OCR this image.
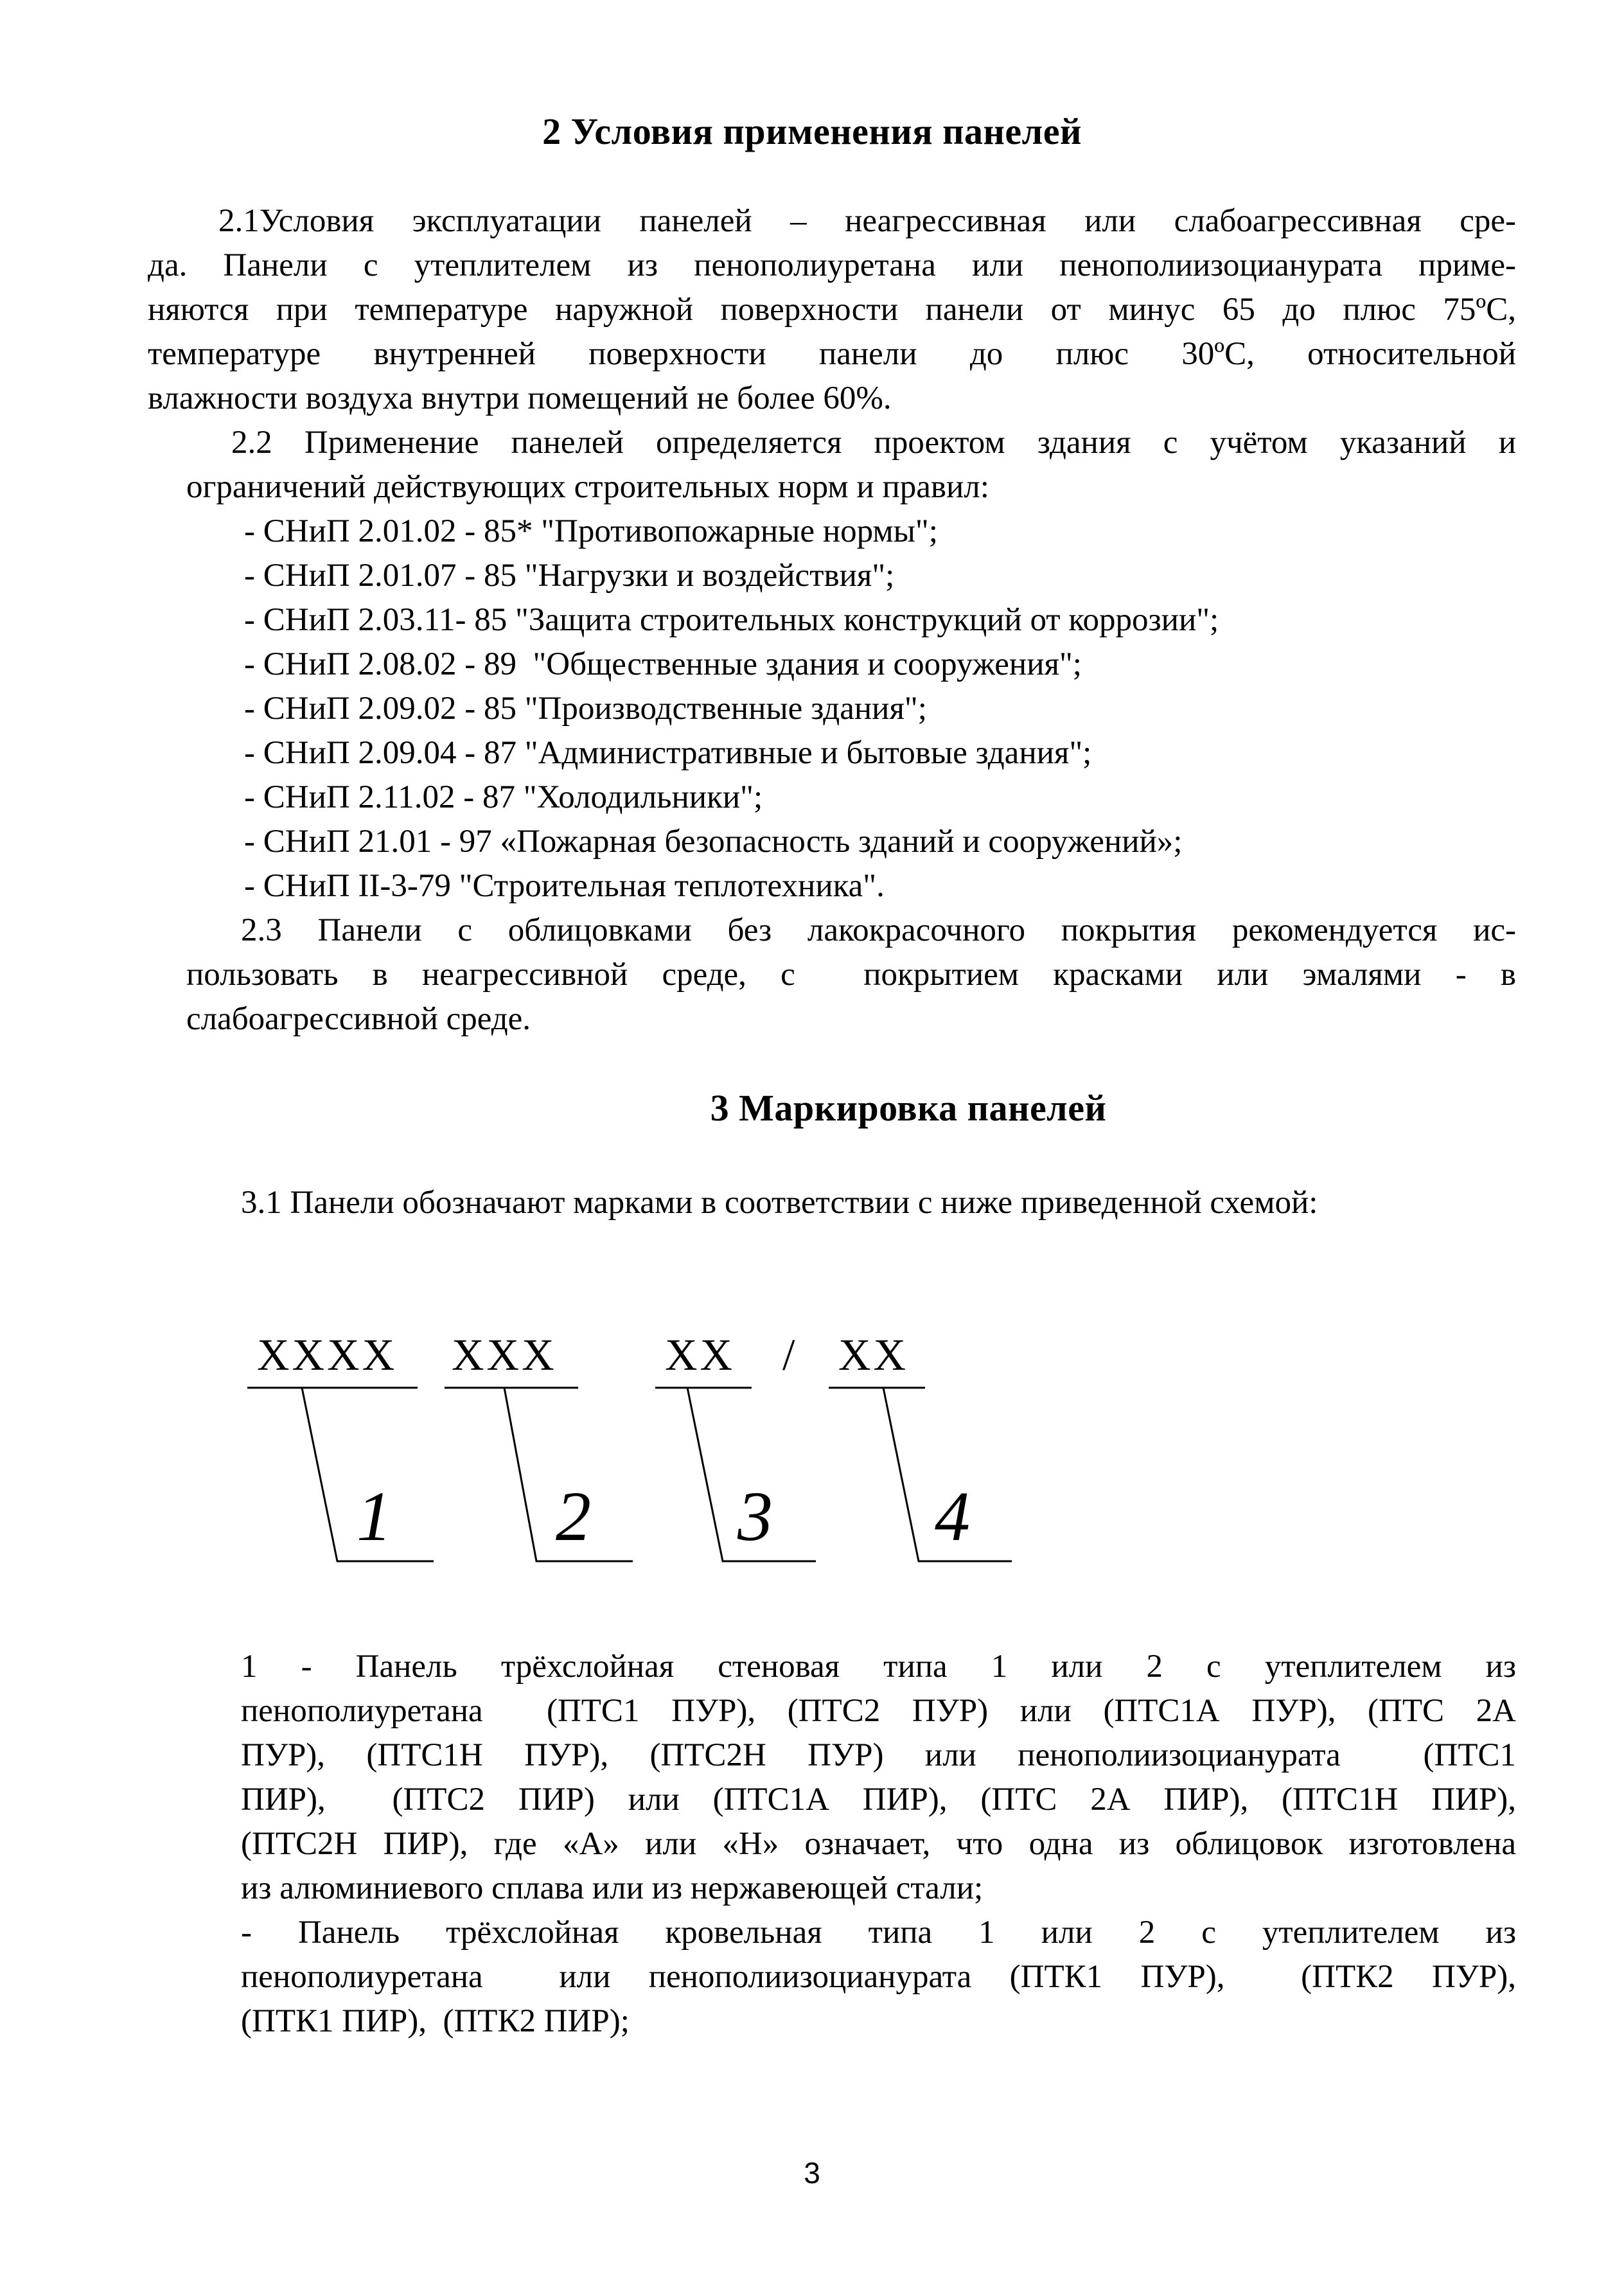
2 Условия применения панелей

2.1Условия эксплуатации панелей – неагрессивная или слабоагрессивная сре-

да. Панели с утеплителем из пенополиуретана или пенополиизоцианурата приме-

няются при температуре наружной поверхности панели от минус 65 до плюс 75ºС,

температуре внутренней поверхности панели до плюс 30ºС, относительной

влажности воздуха внутри помещений не более 60%.

2.2 Применение панелей определяется проектом здания с учётом указаний и

ограничений действующих строительных норм и правил:

- СНиП 2.01.02 - 85* "Противопожарные нормы";
- СНиП 2.01.07 - 85 "Нагрузки и воздействия";
- СНиП 2.03.11- 85 "Защита строительных конструкций от коррозии";
- СНиП 2.08.02 - 89  "Общественные здания и сооружения";
- СНиП 2.09.02 - 85 "Производственные здания";
- СНиП 2.09.04 - 87 "Административные и бытовые здания";
- СНиП 2.11.02 - 87 "Холодильники";
- СНиП 21.01 - 97 «Пожарная безопасность зданий и сооружений»;
- СНиП II-3-79 "Строительная теплотехника".

2.3 Панели с облицовками без лакокрасочного покрытия рекомендуется ис-

пользовать в неагрессивной среде, с  покрытием красками или эмалями - в

слабоагрессивной среде.

3 Маркировка панелей
3.1 Панели обозначают марками в соответствии с ниже приведенной схемой:
XXXX XXX XX / XX
1 2 3 4

1 - Панель трёхслойная стеновая типа 1 или 2 с утеплителем из

пенополиуретана  (ПТС1 ПУР), (ПТС2 ПУР) или (ПТС1А ПУР), (ПТС 2А

ПУР), (ПТС1Н ПУР), (ПТС2Н ПУР) или пенополиизоцианурата  (ПТС1

ПИР),  (ПТС2 ПИР) или (ПТС1А ПИР), (ПТС 2А ПИР), (ПТС1Н ПИР),

(ПТС2Н ПИР), где «А» или «Н» означает, что одна из облицовок изготовлена

из алюминиевого сплава или из нержавеющей стали;

- Панель трёхслойная кровельная типа 1 или 2 с утеплителем из

пенополиуретана  или пенополиизоцианурата (ПТК1 ПУР),  (ПТК2 ПУР),

(ПТК1 ПИР),  (ПТК2 ПИР);

3
